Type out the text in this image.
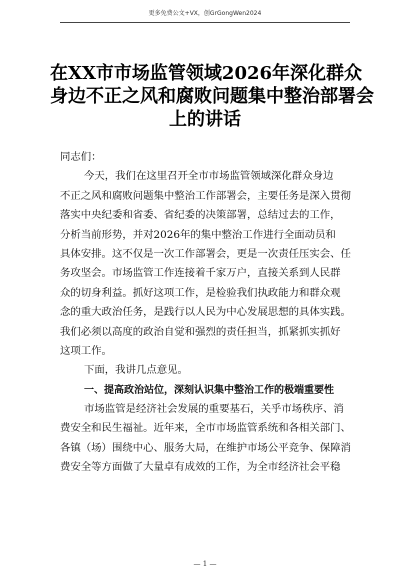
更多免费公文+VX，创GrGongWen2024
在XX市市场监管领域2026年深化群众
身边不正之风和腐败问题集中整治部署会
上的讲话

同志们：

今天，我们在这里召开全市市场监管领域深化群众身边
不正之风和腐败问题集中整治工作部署会，主要任务是深入贯彻
落实中央纪委和省委、省纪委的决策部署，总结过去的工作，
分析当前形势，并对2026年的集中整治工作进行全面动员和
具体安排。这不仅是一次工作部署会，更是一次责任压实会、任
务攻坚会。市场监管工作连接着千家万户，直接关系到人民群
众的切身利益。抓好这项工作，是检验我们执政能力和群众观
念的重大政治任务，是践行以人民为中心发展思想的具体实践。
我们必须以高度的政治自觉和强烈的责任担当，抓紧抓实抓好
这项工作。

下面，我讲几点意见。

一、提高政治站位，深刻认识集中整治工作的极端重要性

市场监管是经济社会发展的重要基石，关乎市场秩序、消
费安全和民生福祉。近年来，全市市场监管系统和各相关部门、
各镇（场）围绕中心、服务大局，在维护市场公平竞争、保障消
费安全等方面做了大量卓有成效的工作，为全市经济社会平稳

— 1 —
